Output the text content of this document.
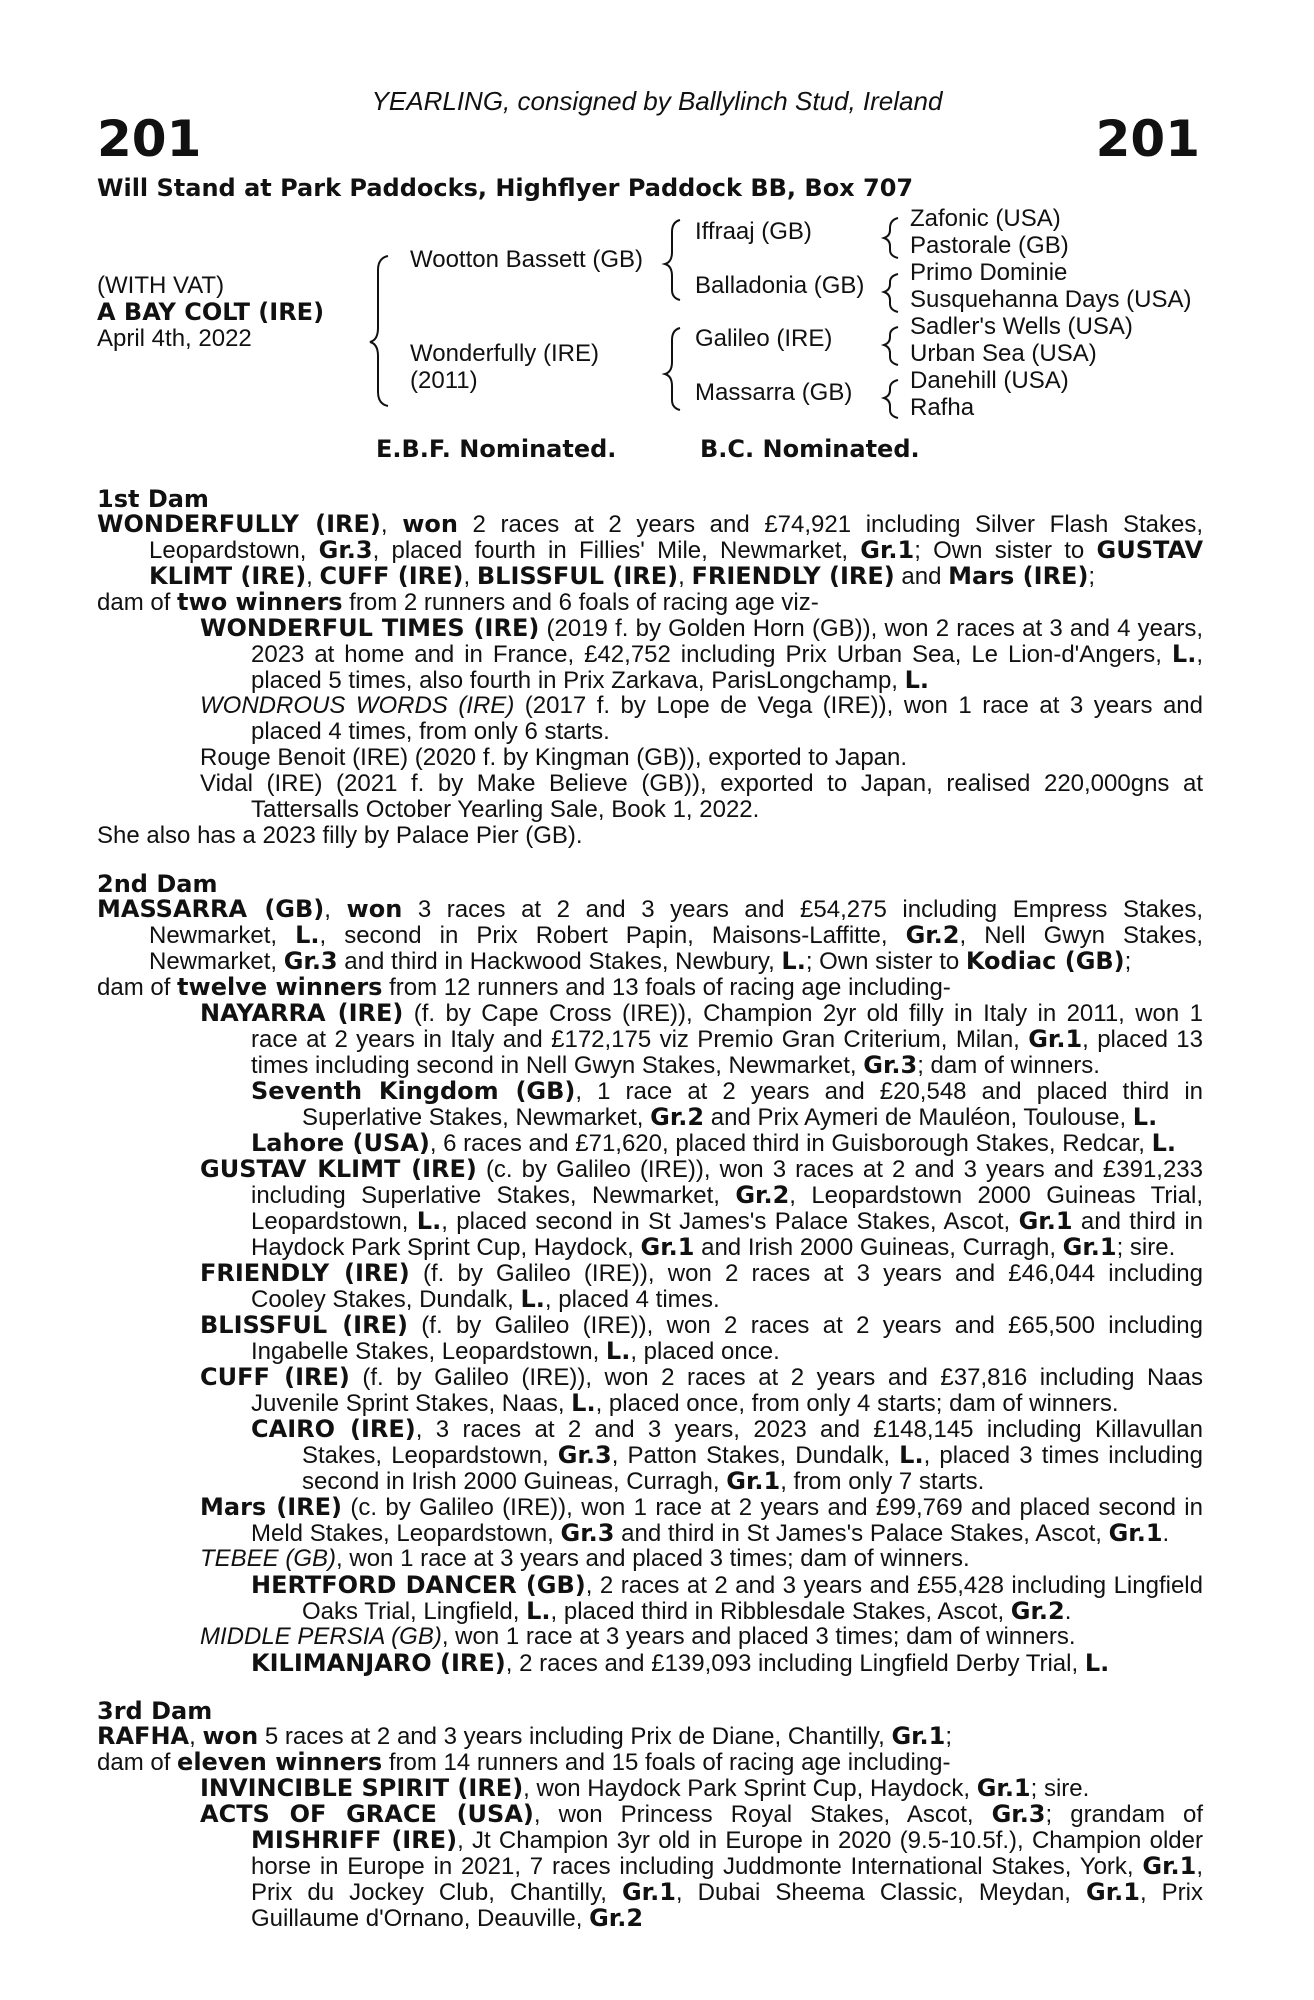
YEARLING, consigned by Ballylinch Stud, Ireland
201	201
Will Stand at Park Paddocks, Highflyer Paddock BB, Box 707
(WITH VAT)
A BAY COLT (IRE)
April 4th, 2022
Wootton Bassett (GB)
Wonderfully (IRE)
(2011)
Iffraaj (GB)
Balladonia (GB)
Galileo (IRE)
Massarra (GB)
Zafonic (USA)
Pastorale (GB)
Primo Dominie
Susquehanna Days (USA)
Sadler's Wells (USA)
Urban Sea (USA)
Danehill (USA)
Rafha
E.B.F. Nominated.	B.C. Nominated.
1st Dam
WONDERFULLY (IRE), won 2 races at 2 years and £74,921 including Silver Flash Stakes,
Leopardstown, Gr.3, placed fourth in Fillies' Mile, Newmarket, Gr.1; Own sister to GUSTAV
KLIMT (IRE), CUFF (IRE), BLISSFUL (IRE), FRIENDLY (IRE) and Mars (IRE);
dam of two winners from 2 runners and 6 foals of racing age viz-
WONDERFUL TIMES (IRE) (2019 f. by Golden Horn (GB)), won 2 races at 3 and 4 years,
2023 at home and in France, £42,752 including Prix Urban Sea, Le Lion-d'Angers, L.,
placed 5 times, also fourth in Prix Zarkava, ParisLongchamp, L.
WONDROUS WORDS (IRE) (2017 f. by Lope de Vega (IRE)), won 1 race at 3 years and
placed 4 times, from only 6 starts.
Rouge Benoit (IRE) (2020 f. by Kingman (GB)), exported to Japan.
Vidal (IRE) (2021 f. by Make Believe (GB)), exported to Japan, realised 220,000gns at
Tattersalls October Yearling Sale, Book 1, 2022.
She also has a 2023 filly by Palace Pier (GB).
2nd Dam
MASSARRA (GB), won 3 races at 2 and 3 years and £54,275 including Empress Stakes,
Newmarket, L., second in Prix Robert Papin, Maisons-Laffitte, Gr.2, Nell Gwyn Stakes,
Newmarket, Gr.3 and third in Hackwood Stakes, Newbury, L.; Own sister to Kodiac (GB);
dam of twelve winners from 12 runners and 13 foals of racing age including-
NAYARRA (IRE) (f. by Cape Cross (IRE)), Champion 2yr old filly in Italy in 2011, won 1
race at 2 years in Italy and £172,175 viz Premio Gran Criterium, Milan, Gr.1, placed 13
times including second in Nell Gwyn Stakes, Newmarket, Gr.3; dam of winners.
Seventh Kingdom (GB), 1 race at 2 years and £20,548 and placed third in
Superlative Stakes, Newmarket, Gr.2 and Prix Aymeri de Mauléon, Toulouse, L.
Lahore (USA), 6 races and £71,620, placed third in Guisborough Stakes, Redcar, L.
GUSTAV KLIMT (IRE) (c. by Galileo (IRE)), won 3 races at 2 and 3 years and £391,233
including Superlative Stakes, Newmarket, Gr.2, Leopardstown 2000 Guineas Trial,
Leopardstown, L., placed second in St James's Palace Stakes, Ascot, Gr.1 and third in
Haydock Park Sprint Cup, Haydock, Gr.1 and Irish 2000 Guineas, Curragh, Gr.1; sire.
FRIENDLY (IRE) (f. by Galileo (IRE)), won 2 races at 3 years and £46,044 including
Cooley Stakes, Dundalk, L., placed 4 times.
BLISSFUL (IRE) (f. by Galileo (IRE)), won 2 races at 2 years and £65,500 including
Ingabelle Stakes, Leopardstown, L., placed once.
CUFF (IRE) (f. by Galileo (IRE)), won 2 races at 2 years and £37,816 including Naas
Juvenile Sprint Stakes, Naas, L., placed once, from only 4 starts; dam of winners.
CAIRO (IRE), 3 races at 2 and 3 years, 2023 and £148,145 including Killavullan
Stakes, Leopardstown, Gr.3, Patton Stakes, Dundalk, L., placed 3 times including
second in Irish 2000 Guineas, Curragh, Gr.1, from only 7 starts.
Mars (IRE) (c. by Galileo (IRE)), won 1 race at 2 years and £99,769 and placed second in
Meld Stakes, Leopardstown, Gr.3 and third in St James's Palace Stakes, Ascot, Gr.1.
TEBEE (GB), won 1 race at 3 years and placed 3 times; dam of winners.
HERTFORD DANCER (GB), 2 races at 2 and 3 years and £55,428 including Lingfield
Oaks Trial, Lingfield, L., placed third in Ribblesdale Stakes, Ascot, Gr.2.
MIDDLE PERSIA (GB), won 1 race at 3 years and placed 3 times; dam of winners.
KILIMANJARO (IRE), 2 races and £139,093 including Lingfield Derby Trial, L.
3rd Dam
RAFHA, won 5 races at 2 and 3 years including Prix de Diane, Chantilly, Gr.1;
dam of eleven winners from 14 runners and 15 foals of racing age including-
INVINCIBLE SPIRIT (IRE), won Haydock Park Sprint Cup, Haydock, Gr.1; sire.
ACTS OF GRACE (USA), won Princess Royal Stakes, Ascot, Gr.3; grandam of
MISHRIFF (IRE), Jt Champion 3yr old in Europe in 2020 (9.5-10.5f.), Champion older
horse in Europe in 2021, 7 races including Juddmonte International Stakes, York, Gr.1,
Prix du Jockey Club, Chantilly, Gr.1, Dubai Sheema Classic, Meydan, Gr.1, Prix
Guillaume d'Ornano, Deauville, Gr.2
